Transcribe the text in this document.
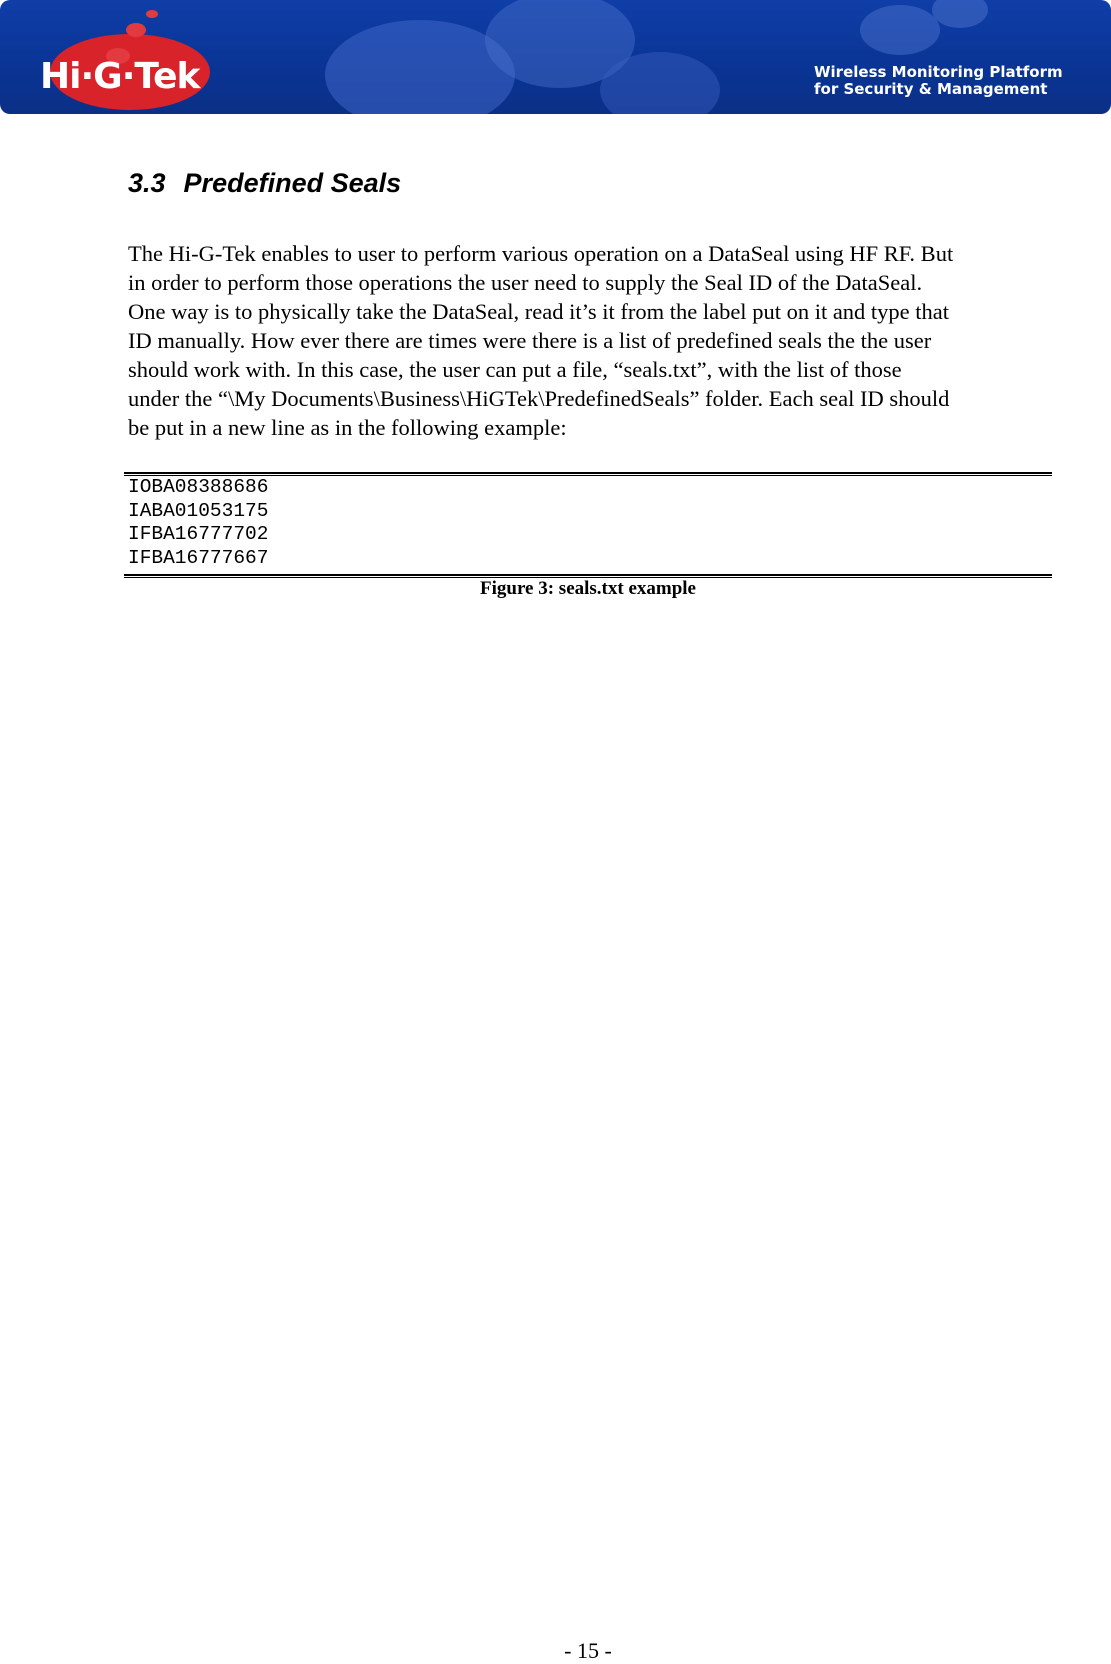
Hi·G·Tek	Wireless Monitoring Platform
for Security & Management
3.3 Predefined Seals
The Hi-G-Tek enables to user to perform various operation on a DataSeal using HF RF. But
in order to perform those operations the user need to supply the Seal ID of the DataSeal.
One way is to physically take the DataSeal, read it’s it from the label put on it and type that
ID manually. How ever there are times were there is a list of predefined seals the the user
should work with. In this case, the user can put a file, “seals.txt”, with the list of those
under the “\My Documents\Business\HiGTek\PredefinedSeals” folder. Each seal ID should
be put in a new line as in the following example:
IOBA08388686
IABA01053175
IFBA16777702
IFBA16777667
Figure 3: seals.txt example
- 15 -
